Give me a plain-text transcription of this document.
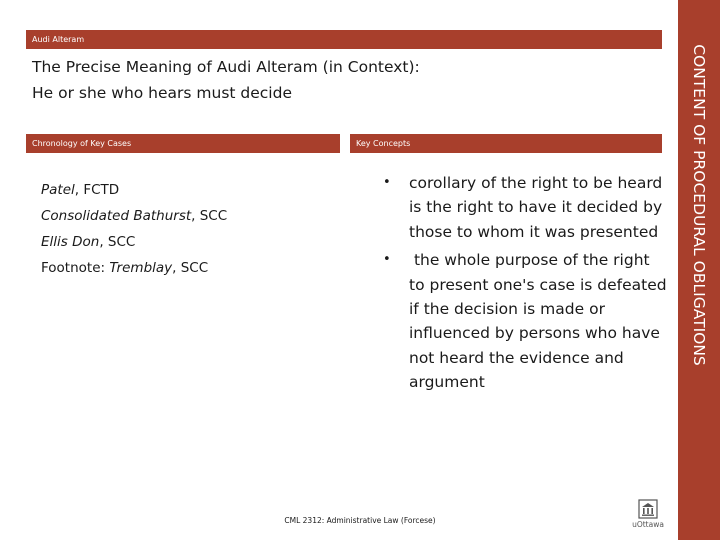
Audi Alteram
CONTENT OF PROCEDURAL OBLIGATIONS
The Precise Meaning of Audi Alteram (in Context):
He or she who hears must decide
Chronology of Key Cases	Key Concepts
Patel, FCTD
Consolidated Bathurst, SCC
Ellis Don, SCC
Footnote: Tremblay, SCC
• corollary of the right to be heard is the right to have it decided by those to whom it was presented
• the whole purpose of the right to present one's case is defeated if the decision is made or influenced by persons who have not heard the evidence and argument
CML 2312: Administrative Law (Forcese)	uOttawa
